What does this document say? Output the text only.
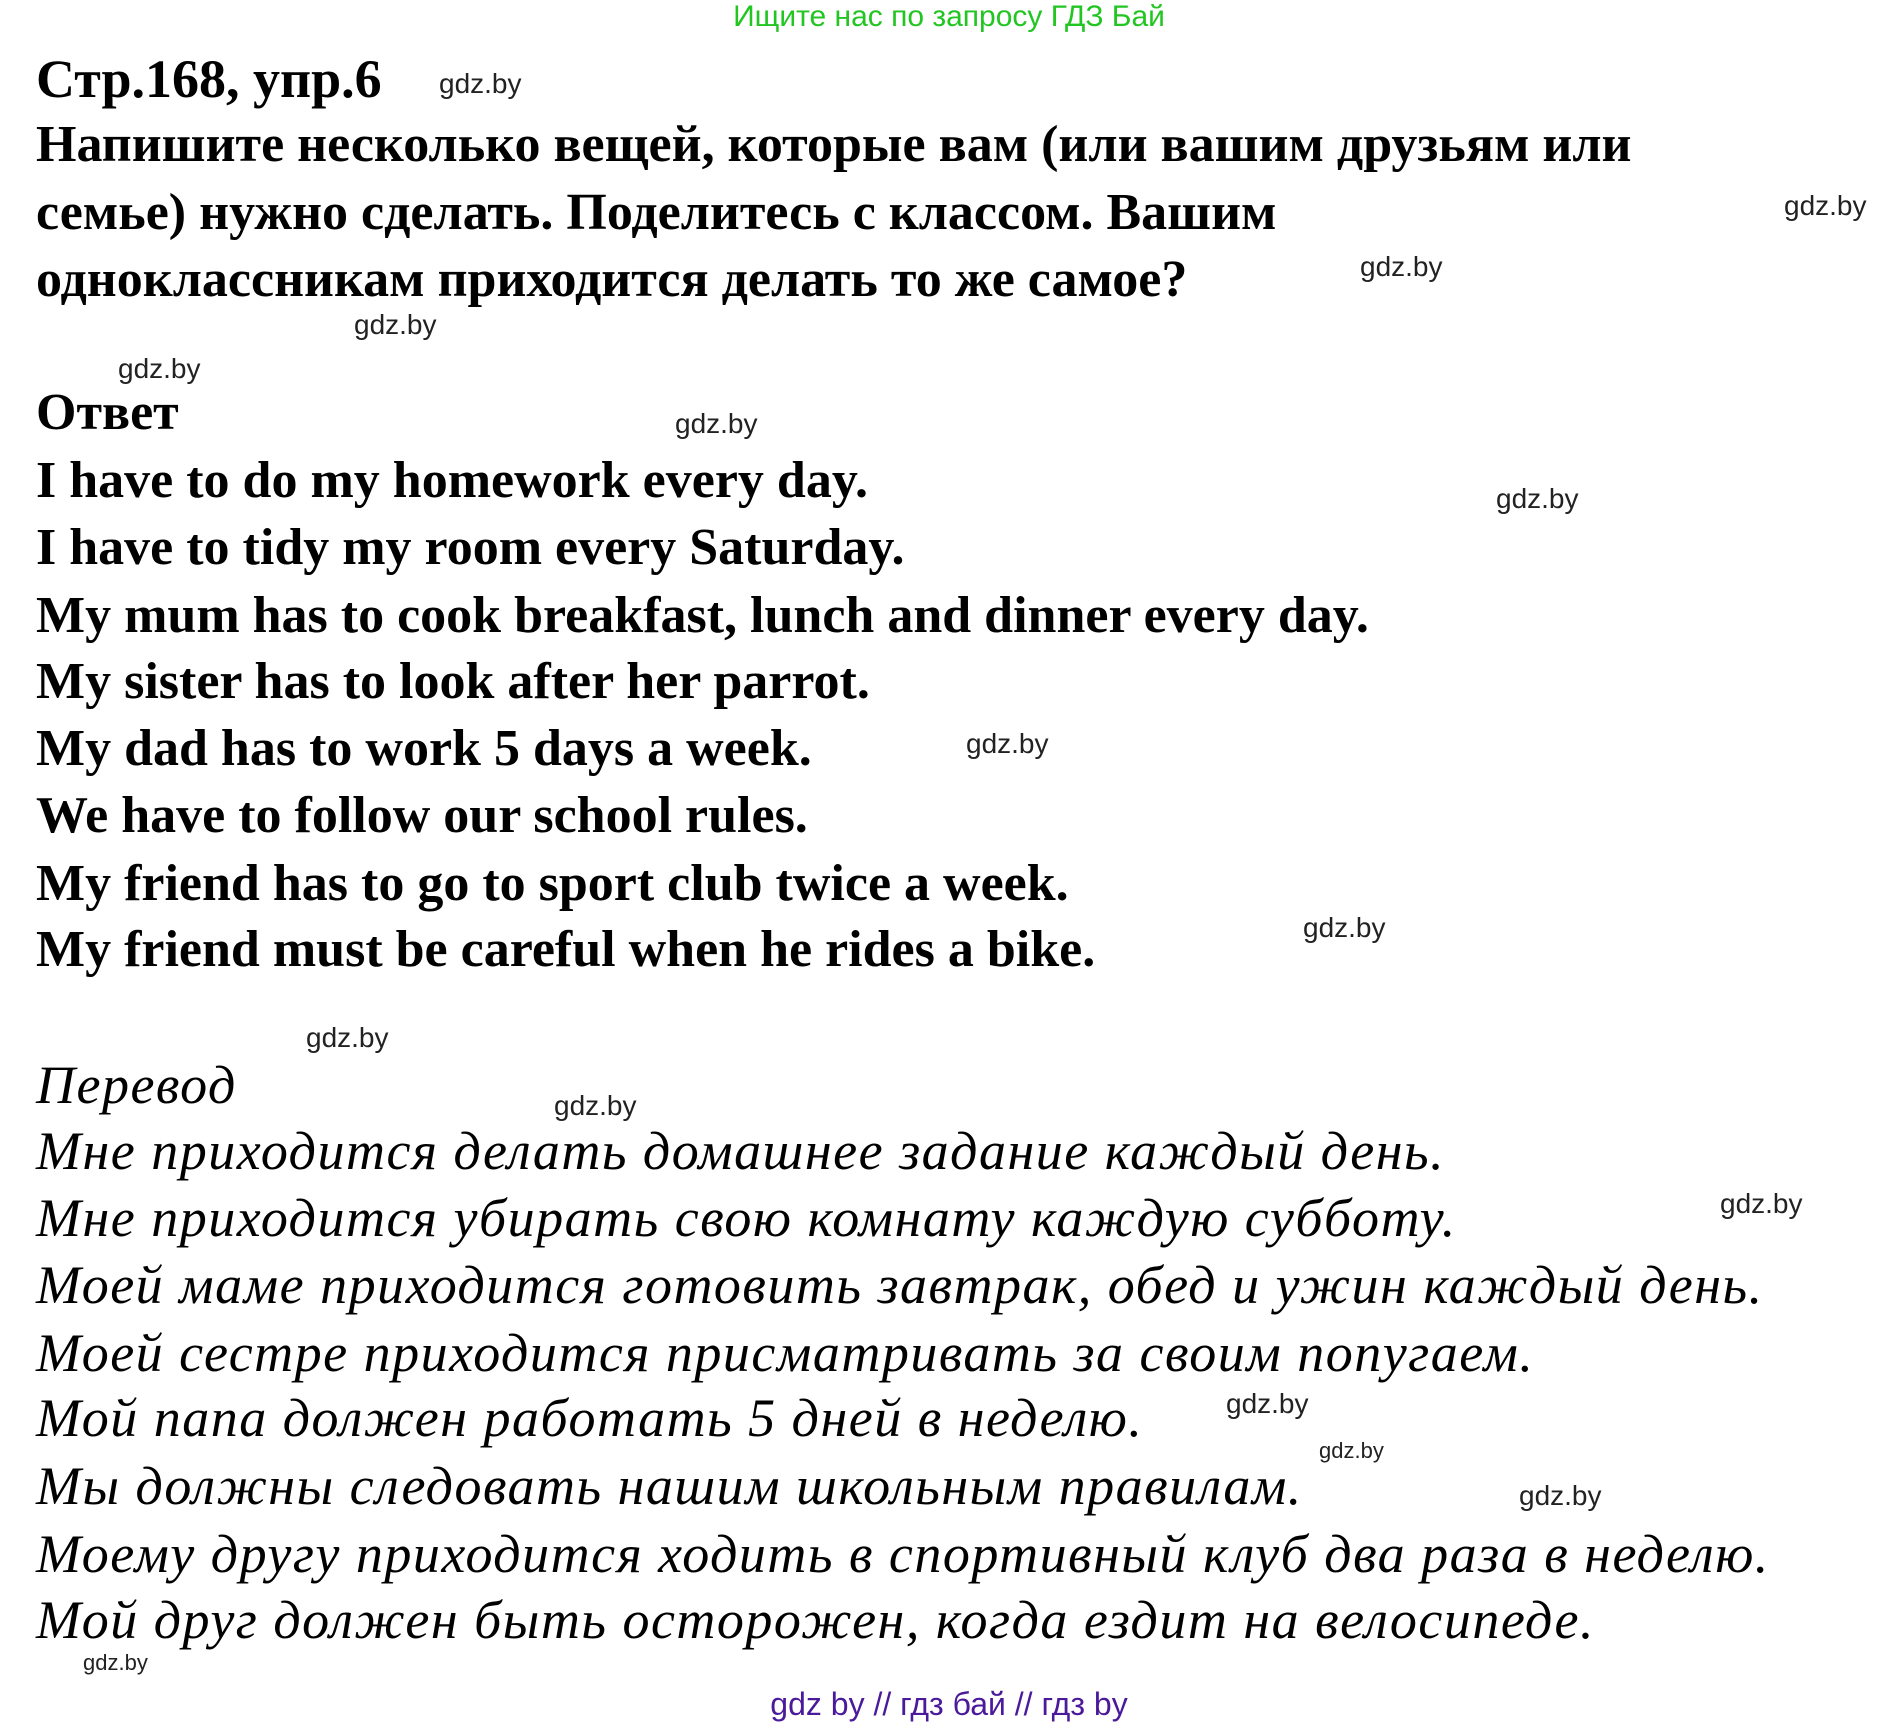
Ищите нас по запросу ГДЗ Бай
Стр.168, упр.6
Напишите несколько вещей, которые вам (или вашим друзьям или
семье) нужно сделать. Поделитесь с классом. Вашим
одноклассникам приходится делать то же самое?
Ответ
I have to do my homework every day.
I have to tidy my room every Saturday.
My mum has to cook breakfast, lunch and dinner every day.
My sister has to look after her parrot.
My dad has to work 5 days a week.
We have to follow our school rules.
My friend has to go to sport club twice a week.
My friend must be careful when he rides a bike.
Перевод
Мне приходится делать домашнее задание каждый день.
Мне приходится убирать свою комнату каждую субботу.
Моей маме приходится готовить завтрак, обед и ужин каждый день.
Моей сестре приходится присматривать за своим попугаем.
Мой папа должен работать 5 дней в неделю.
Мы должны следовать нашим школьным правилам.
Моему другу приходится ходить в спортивный клуб два раза в неделю.
Мой друг должен быть осторожен, когда ездит на велосипеде.
gdz.by
gdz.by
gdz.by
gdz.by
gdz.by
gdz.by
gdz.by
gdz.by
gdz.by
gdz.by
gdz.by
gdz.by
gdz.by
gdz.by
gdz.by
gdz.by
gdz by // гдз бай // гдз by
